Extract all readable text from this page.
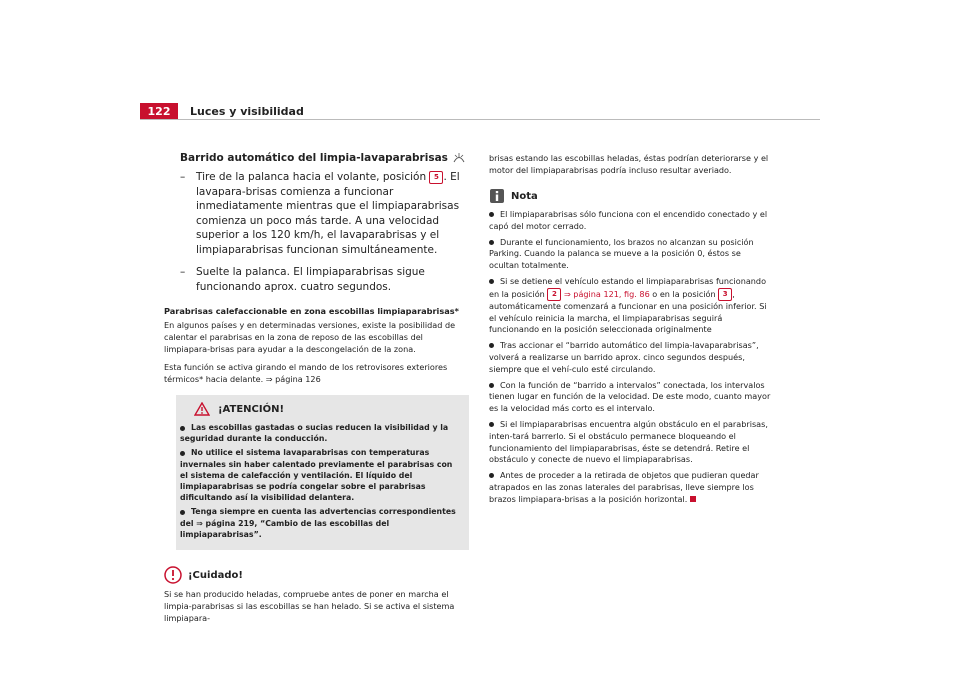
122	Luces y visibilidad
Barrido automático del limpia-lavaparabrisas
– Tire de la palanca hacia el volante, posición 5 . El lavapara-brisas comienza a funcionar inmediatamente mientras que el limpiaparabrisas comienza un poco más tarde. A una velocidad superior a los 120 km/h, el lavaparabrisas y el limpiaparabrisas funcionan simultáneamente.
– Suelte la palanca. El limpiaparabrisas sigue funcionando aprox. cuatro segundos.
Parabrisas calefaccionable en zona escobillas limpiaparabrisas*

En algunos países y en determinadas versiones, existe la posibilidad de calentar el parabrisas en la zona de reposo de las escobillas del limpiapara-brisas para ayudar a la descongelación de la zona.

Esta función se activa girando el mando de los retrovisores exteriores térmicos* hacia delante. ⇒ página 126

¡ATENCIÓN!
Las escobillas gastadas o sucias reducen la visibilidad y la seguridad durante la conducción.
No utilice el sistema lavaparabrisas con temperaturas invernales sin haber calentado previamente el parabrisas con el sistema de calefacción y ventilación. El líquido del limpiaparabrisas se podría congelar sobre el parabrisas dificultando así la visibilidad delantera.
Tenga siempre en cuenta las advertencias correspondientes del ⇒ página 219, “Cambio de las escobillas del limpiaparabrisas”.
¡Cuidado!

Si se han producido heladas, compruebe antes de poner en marcha el limpia-parabrisas si las escobillas se han helado. Si se activa el sistema limpiapara-

brisas estando las escobillas heladas, éstas podrían deteriorarse y el motor del limpiaparabrisas podría incluso resultar averiado.

Nota
El limpiaparabrisas sólo funciona con el encendido conectado y el capó del motor cerrado.
Durante el funcionamiento, los brazos no alcanzan su posición Parking. Cuando la palanca se mueve a la posición 0, éstos se ocultan totalmente.
Si se detiene el vehículo estando el limpiaparabrisas funcionando en la posición 2 ⇒ página 121, fig. 86 o en la posición 3 , automáticamente comenzará a funcionar en una posición inferior. Si el vehículo reinicia la marcha, el limpiaparabrisas seguirá funcionando en la posición seleccionada originalmente
Tras accionar el “barrido automático del limpia-lavaparabrisas”, volverá a realizarse un barrido aprox. cinco segundos después, siempre que el vehí-culo esté circulando.
Con la función de “barrido a intervalos” conectada, los intervalos tienen lugar en función de la velocidad. De este modo, cuanto mayor es la velocidad más corto es el intervalo.
Si el limpiaparabrisas encuentra algún obstáculo en el parabrisas, inten-tará barrerlo. Si el obstáculo permanece bloqueando el funcionamiento del limpiaparabrisas, éste se detendrá. Retire el obstáculo y conecte de nuevo el limpiaparabrisas.
Antes de proceder a la retirada de objetos que pudieran quedar atrapados en las zonas laterales del parabrisas, lleve siempre los brazos limpiapara-brisas a la posición horizontal.
